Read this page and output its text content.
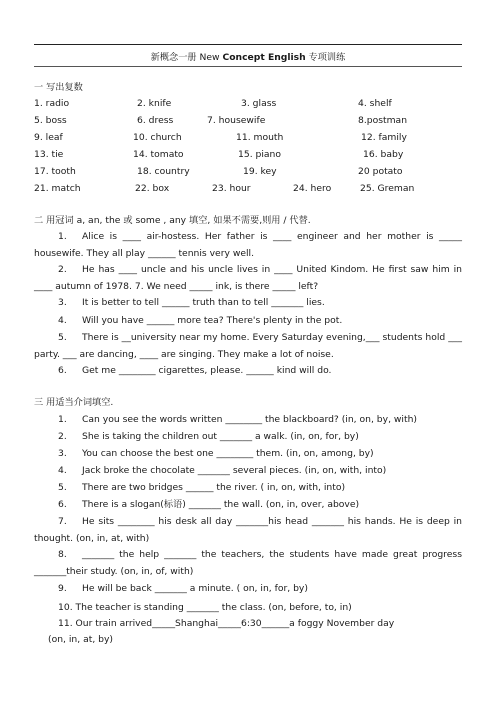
新概念一册 New Concept English 专项训练
一 写出复数
1. radio	2. knife	3. glass	4. shelf
5. boss	6. dress	7. housewife	8.postman
9. leaf	10. church	11. mouth	12. family
13. tie	14. tomato	15. piano	16. baby
17. tooth	18. country	19. key	20 potato
21. match	22. box	23. hour	24. hero	25. Greman
二 用冠词 a, an, the 或 some , any 填空, 如果不需要,则用 / 代替.
1.	Alice is ____ air-hostess. Her father is ____ engineer and her mother is _____ housewife. They all play ______ tennis very well.
2.	He has ____ uncle and his uncle lives in ____ United Kindom. He first saw him in ____ autumn of 1978. 7. We need _____ ink, is there _____ left?
3.	It is better to tell ______ truth than to tell _______ lies.
4.	Will you have ______ more tea? There's plenty in the pot.
5.	There is __university near my home. Every Saturday evening,___ students hold ___ party. ___ are dancing, ____ are singing. They make a lot of noise.
6.	Get me ________ cigarettes, please. ______ kind will do.
三 用适当介词填空.
1.	Can you see the words written ________ the blackboard? (in, on, by, with)
2.	She is taking the children out _______ a walk. (in, on, for, by)
3.	You can choose the best one ________ them. (in, on, among, by)
4.	Jack broke the chocolate _______ several pieces. (in, on, with, into)
5.	There are two bridges ______ the river. ( in, on, with, into)
6.	There is a slogan(标语) _______ the wall. (on, in, over, above)
7.	He sits ________ his desk all day _______his head _______ his hands. He is deep in thought. (on, in, at, with)
8.	_______ the help _______ the teachers, the students have made great progress _______their study. (on, in, of, with)
9.	He will be back _______ a minute. ( on, in, for, by)
10. The teacher is standing _______ the class. (on, before, to, in)
11. Our train arrived_____Shanghai_____6:30______a foggy November day
(on, in, at, by)
